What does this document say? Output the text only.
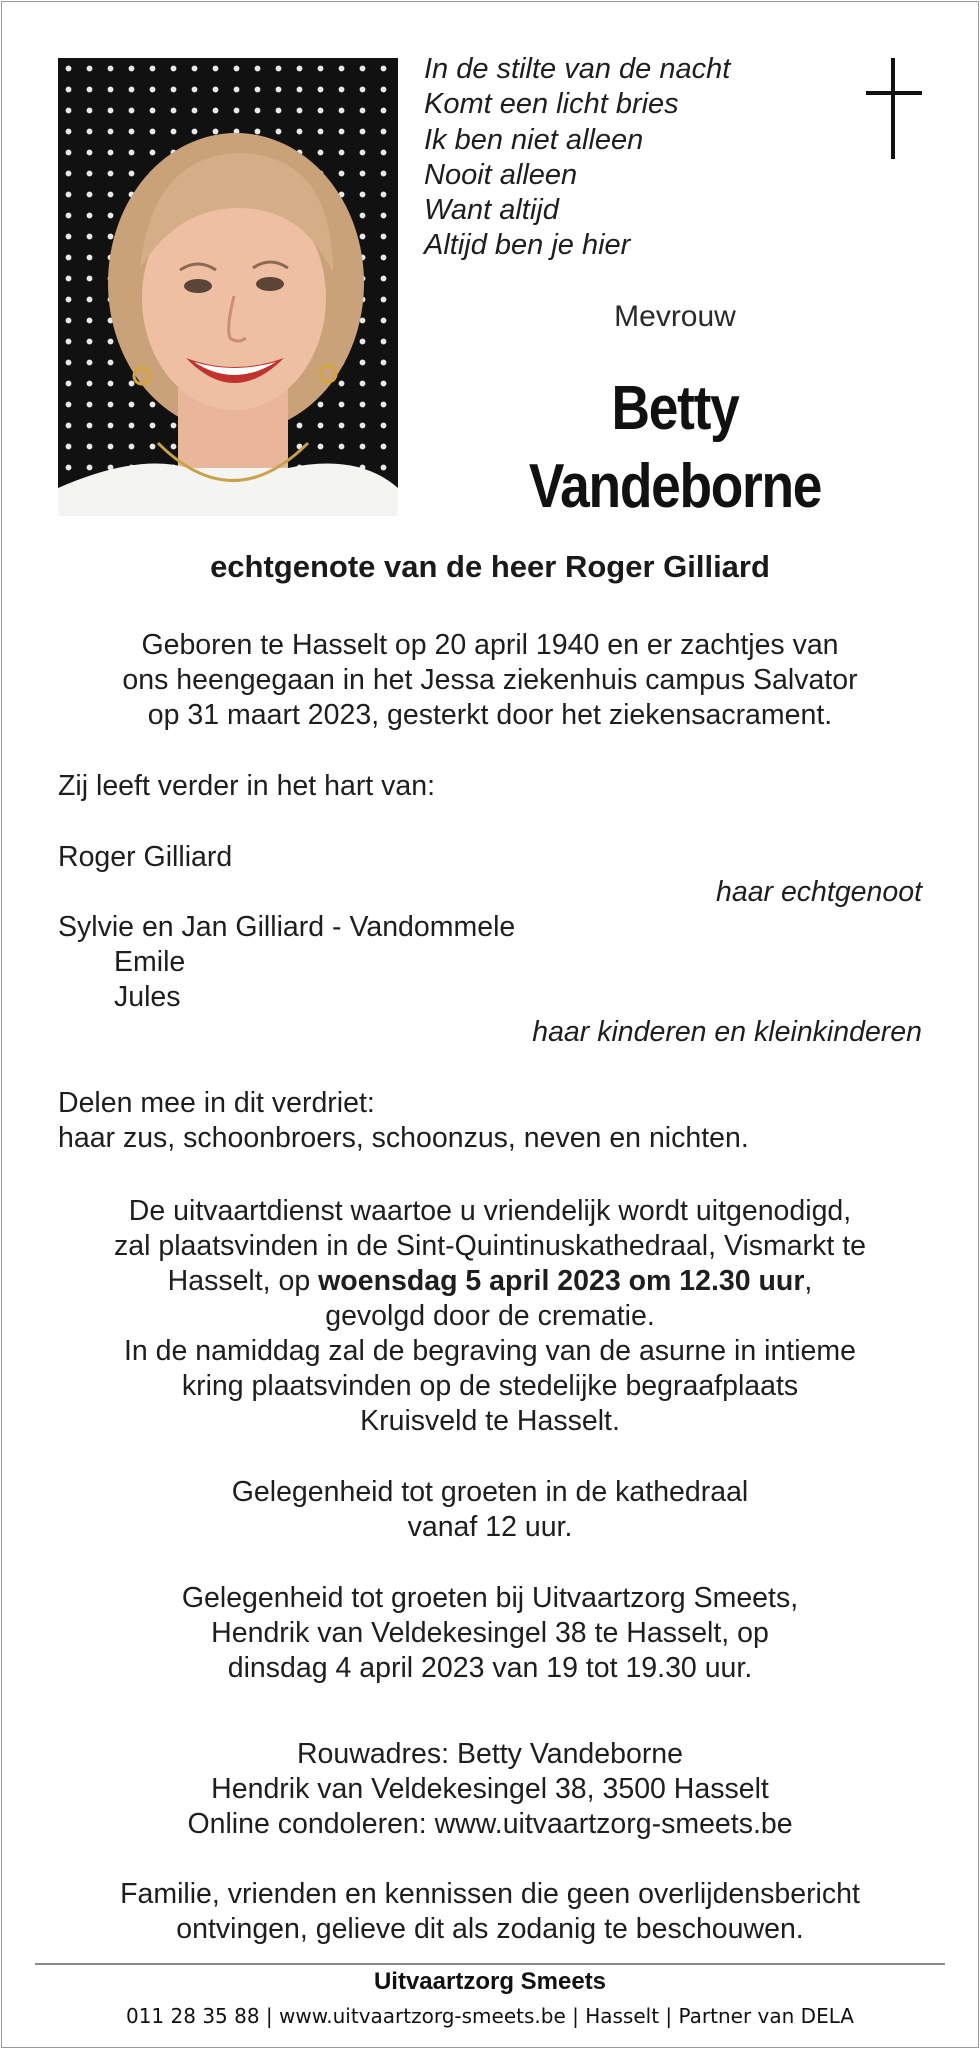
In de stilte van de nacht
Komt een licht bries
Ik ben niet alleen
Nooit alleen
Want altijd
Altijd ben je hier
Mevrouw
Betty
Vandeborne
echtgenote van de heer Roger Gilliard
Geboren te Hasselt op 20 april 1940 en er zachtjes van
ons heengegaan in het Jessa ziekenhuis campus Salvator
op 31 maart 2023, gesterkt door het ziekensacrament.
Zij leeft verder in het hart van:
Roger Gilliard
haar echtgenoot
Sylvie en Jan Gilliard - Vandommele
Emile
Jules
haar kinderen en kleinkinderen
Delen mee in dit verdriet:
haar zus, schoonbroers, schoonzus, neven en nichten.
De uitvaartdienst waartoe u vriendelijk wordt uitgenodigd,
zal plaatsvinden in de Sint-Quintinuskathedraal, Vismarkt te
Hasselt, op woensdag 5 april 2023 om 12.30 uur,
gevolgd door de crematie.
In de namiddag zal de begraving van de asurne in intieme
kring plaatsvinden op de stedelijke begraafplaats
Kruisveld te Hasselt.
Gelegenheid tot groeten in de kathedraal
vanaf 12 uur.
Gelegenheid tot groeten bij Uitvaartzorg Smeets,
Hendrik van Veldekesingel 38 te Hasselt, op
dinsdag 4 april 2023 van 19 tot 19.30 uur.
Rouwadres: Betty Vandeborne
Hendrik van Veldekesingel 38, 3500 Hasselt
Online condoleren: www.uitvaartzorg-smeets.be
Familie, vrienden en kennissen die geen overlijdensbericht
ontvingen, gelieve dit als zodanig te beschouwen.
Uitvaartzorg Smeets
011 28 35 88 | www.uitvaartzorg-smeets.be | Hasselt | Partner van DELA
